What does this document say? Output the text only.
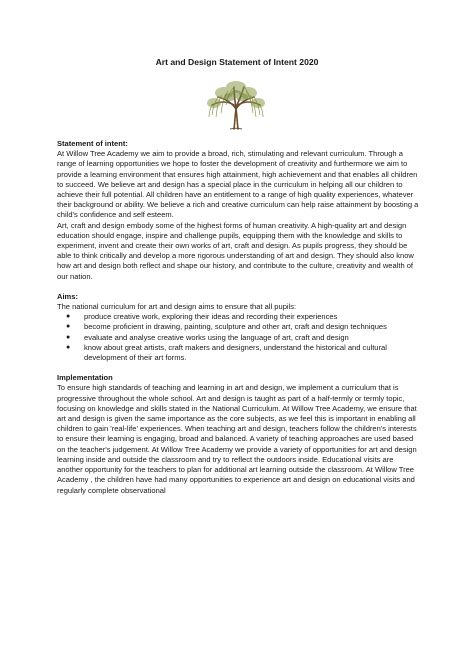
Art and Design Statement of Intent 2020

Statement of intent:

At Willow Tree Academy we aim to provide a broad, rich, stimulating and relevant curriculum. Through a range of learning opportunities we hope to foster the development of creativity and furthermore we aim to provide a learning environment that ensures high attainment, high achievement and that enables all children to succeed. We believe art and design has a special place in the curriculum in helping all our children to achieve their full potential. All children have an entitlement to a range of high quality experiences, whatever their background or ability. We believe a rich and creative curriculum can help raise attainment by boosting a child's confidence and self esteem.

Art, craft and design embody some of the highest forms of human creativity. A high-quality art and design education should engage, inspire and challenge pupils, equipping them with the knowledge and skills to experiment, invent and create their own works of art, craft and design. As pupils progress, they should be able to think critically and develop a more rigorous understanding of art and design. They should also know how art and design both reflect and shape our history, and contribute to the culture, creativity and wealth of our nation.

Aims:

The national curriculum for art and design aims to ensure that all pupils:

● produce creative work, exploring their ideas and recording their experiences
● become proficient in drawing, painting, sculpture and other art, craft and design techniques
● evaluate and analyse creative works using the language of art, craft and design
● know about great artists, craft makers and designers, understand the historical and cultural development of their art forms.

Implementation

To ensure high standards of teaching and learning in art and design, we implement a curriculum that is progressive throughout the whole school. Art and design is taught as part of a half-termly or termly topic, focusing on knowledge and skills stated in the National Curriculum. At Willow Tree Academy, we ensure that art and design is given the same importance as the core subjects, as we feel this is important in enabling all children to gain 'real-life' experiences. When teaching art and design, teachers follow the children's interests to ensure their learning is engaging, broad and balanced. A variety of teaching approaches are used based on the teacher's judgement. At Willow Tree Academy we provide a variety of opportunities for art and design learning inside and outside the classroom and try to reflect the outdoors inside. Educational visits are another opportunity for the teachers to plan for additional art learning outside the classroom. At Willow Tree Academy , the children have had many opportunities to experience art and design on educational visits and regularly complete observational
